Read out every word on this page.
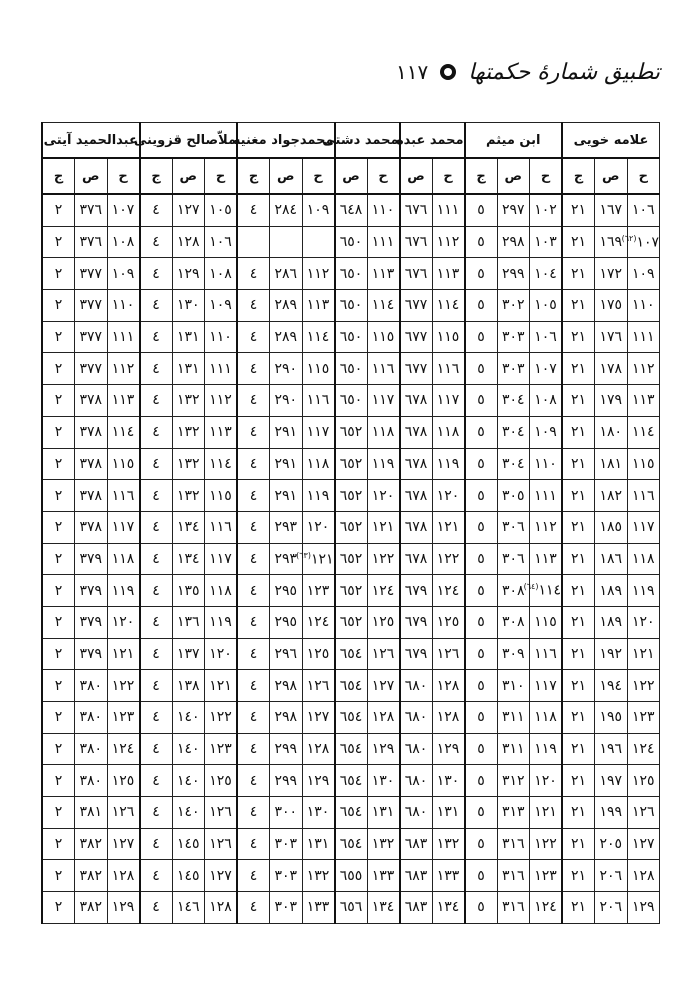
تطبيق شمارهٔ حكمتها
١١٧
علامه خويى			ابن ميثم			محمد عبده		محمد دشتى		محمدجواد مغنيه			ملاّصالح قزوينى			عبدالحميد آيتى		
ح	ص	ج	ح	ص	ج	ح	ص	ح	ص	ح	ص	ج	ح	ص	ج	ح	ص	ج
١٠٦	١٦٧	٢١	١٠٢	٢٩٧	٥	١١١	٦٧٦	١١٠	٦٤٨	١٠٩	٢٨٤	٤	١٠٥	١٢٧	٤	١٠٧	٣٧٦	٢
١٠٧$^{(٦٢)}$	١٦٩	٢١	١٠٣	٢٩٨	٥	١١٢	٦٧٦	١١١	٦٥٠				١٠٦	١٢٨	٤	١٠٨	٣٧٦	٢
١٠٩	١٧٢	٢١	١٠٤	٢٩٩	٥	١١٣	٦٧٦	١١٣	٦٥٠	١١٢	٢٨٦	٤	١٠٨	١٢٩	٤	١٠٩	٣٧٧	٢
١١٠	١٧٥	٢١	١٠٥	٣٠٢	٥	١١٤	٦٧٧	١١٤	٦٥٠	١١٣	٢٨٩	٤	١٠٩	١٣٠	٤	١١٠	٣٧٧	٢
١١١	١٧٦	٢١	١٠٦	٣٠٣	٥	١١٥	٦٧٧	١١٥	٦٥٠	١١٤	٢٨٩	٤	١١٠	١٣١	٤	١١١	٣٧٧	٢
١١٢	١٧٨	٢١	١٠٧	٣٠٣	٥	١١٦	٦٧٧	١١٦	٦٥٠	١١٥	٢٩٠	٤	١١١	١٣١	٤	١١٢	٣٧٧	٢
١١٣	١٧٩	٢١	١٠٨	٣٠٤	٥	١١٧	٦٧٨	١١٧	٦٥٠	١١٦	٢٩٠	٤	١١٢	١٣٢	٤	١١٣	٣٧٨	٢
١١٤	١٨٠	٢١	١٠٩	٣٠٤	٥	١١٨	٦٧٨	١١٨	٦٥٢	١١٧	٢٩١	٤	١١٣	١٣٢	٤	١١٤	٣٧٨	٢
١١٥	١٨١	٢١	١١٠	٣٠٤	٥	١١٩	٦٧٨	١١٩	٦٥٢	١١٨	٢٩١	٤	١١٤	١٣٢	٤	١١٥	٣٧٨	٢
١١٦	١٨٢	٢١	١١١	٣٠٥	٥	١٢٠	٦٧٨	١٢٠	٦٥٢	١١٩	٢٩١	٤	١١٥	١٣٢	٤	١١٦	٣٧٨	٢
١١٧	١٨٥	٢١	١١٢	٣٠٦	٥	١٢١	٦٧٨	١٢١	٦٥٢	١٢٠	٢٩٣	٤	١١٦	١٣٤	٤	١١٧	٣٧٨	٢
١١٨	١٨٦	٢١	١١٣	٣٠٦	٥	١٢٢	٦٧٨	١٢٢	٦٥٢	١٢١$^{(٦٣)}$	٢٩٣	٤	١١٧	١٣٤	٤	١١٨	٣٧٩	٢
١١٩	١٨٩	٢١	١١٤$^{(٦٤)}$	٣٠٨	٥	١٢٤	٦٧٩	١٢٤	٦٥٢	١٢٣	٢٩٥	٤	١١٨	١٣٥	٤	١١٩	٣٧٩	٢
١٢٠	١٨٩	٢١	١١٥	٣٠٨	٥	١٢٥	٦٧٩	١٢٥	٦٥٢	١٢٤	٢٩٥	٤	١١٩	١٣٦	٤	١٢٠	٣٧٩	٢
١٢١	١٩٢	٢١	١١٦	٣٠٩	٥	١٢٦	٦٧٩	١٢٦	٦٥٤	١٢٥	٢٩٦	٤	١٢٠	١٣٧	٤	١٢١	٣٧٩	٢
١٢٢	١٩٤	٢١	١١٧	٣١٠	٥	١٢٨	٦٨٠	١٢٧	٦٥٤	١٢٦	٢٩٨	٤	١٢١	١٣٨	٤	١٢٢	٣٨٠	٢
١٢٣	١٩٥	٢١	١١٨	٣١١	٥	١٢٨	٦٨٠	١٢٨	٦٥٤	١٢٧	٢٩٨	٤	١٢٢	١٤٠	٤	١٢٣	٣٨٠	٢
١٢٤	١٩٦	٢١	١١٩	٣١١	٥	١٢٩	٦٨٠	١٢٩	٦٥٤	١٢٨	٢٩٩	٤	١٢٣	١٤٠	٤	١٢٤	٣٨٠	٢
١٢٥	١٩٧	٢١	١٢٠	٣١٢	٥	١٣٠	٦٨٠	١٣٠	٦٥٤	١٢٩	٢٩٩	٤	١٢٥	١٤٠	٤	١٢٥	٣٨٠	٢
١٢٦	١٩٩	٢١	١٢١	٣١٣	٥	١٣١	٦٨٠	١٣١	٦٥٤	١٣٠	٣٠٠	٤	١٢٦	١٤٠	٤	١٢٦	٣٨١	٢
١٢٧	٢٠٥	٢١	١٢٢	٣١٦	٥	١٣٢	٦٨٣	١٣٢	٦٥٤	١٣١	٣٠٣	٤	١٢٦	١٤٥	٤	١٢٧	٣٨٢	٢
١٢٨	٢٠٦	٢١	١٢٣	٣١٦	٥	١٣٣	٦٨٣	١٣٣	٦٥٥	١٣٢	٣٠٣	٤	١٢٧	١٤٥	٤	١٢٨	٣٨٢	٢
١٢٩	٢٠٦	٢١	١٢٤	٣١٦	٥	١٣٤	٦٨٣	١٣٤	٦٥٦	١٣٣	٣٠٣	٤	١٢٨	١٤٦	٤	١٢٩	٣٨٢	٢
